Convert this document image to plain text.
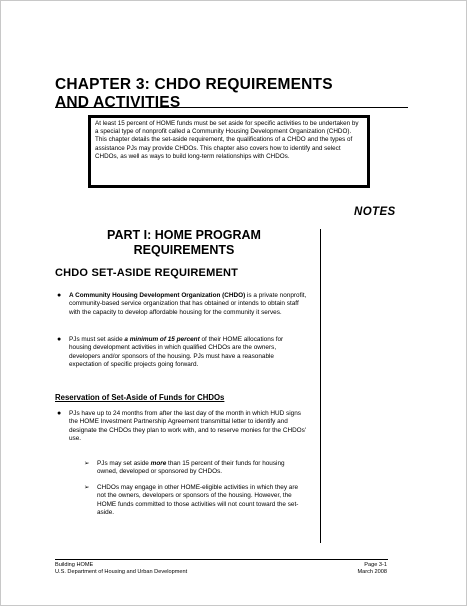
CHAPTER 3: CHDO REQUIREMENTS
AND ACTIVITIES
At least 15 percent of HOME funds must be set aside for specific activities to be undertaken by a special type of nonprofit called a Community Housing Development Organization (CHDO). This chapter details the set-aside requirement, the qualifications of a CHDO and the types of assistance PJs may provide CHDOs. This chapter also covers how to identify and select CHDOs, as well as ways to build long-term relationships with CHDOs.
NOTES
PART I: HOME PROGRAM
REQUIREMENTS
CHDO SET-ASIDE REQUIREMENT
● A Community Housing Development Organization (CHDO) is a private nonprofit, community-based service organization that has obtained or intends to obtain staff with the capacity to develop affordable housing for the community it serves.
● PJs must set aside a minimum of 15 percent of their HOME allocations for housing development activities in which qualified CHDOs are the owners, developers and/or sponsors of the housing. PJs must have a reasonable expectation of specific projects going forward.
Reservation of Set-Aside of Funds for CHDOs
● PJs have up to 24 months from after the last day of the month in which HUD signs the HOME Investment Partnership Agreement transmittal letter to identify and designate the CHDOs they plan to work with, and to reserve monies for the CHDOs' use.
➢ PJs may set aside more than 15 percent of their funds for housing owned, developed or sponsored by CHDOs.
➢ CHDOs may engage in other HOME-eligible activities in which they are not the owners, developers or sponsors of the housing. However, the HOME funds committed to those activities will not count toward the set-aside.
Building HOME
U.S. Department of Housing and Urban Development
Page 3-1
March 2008
